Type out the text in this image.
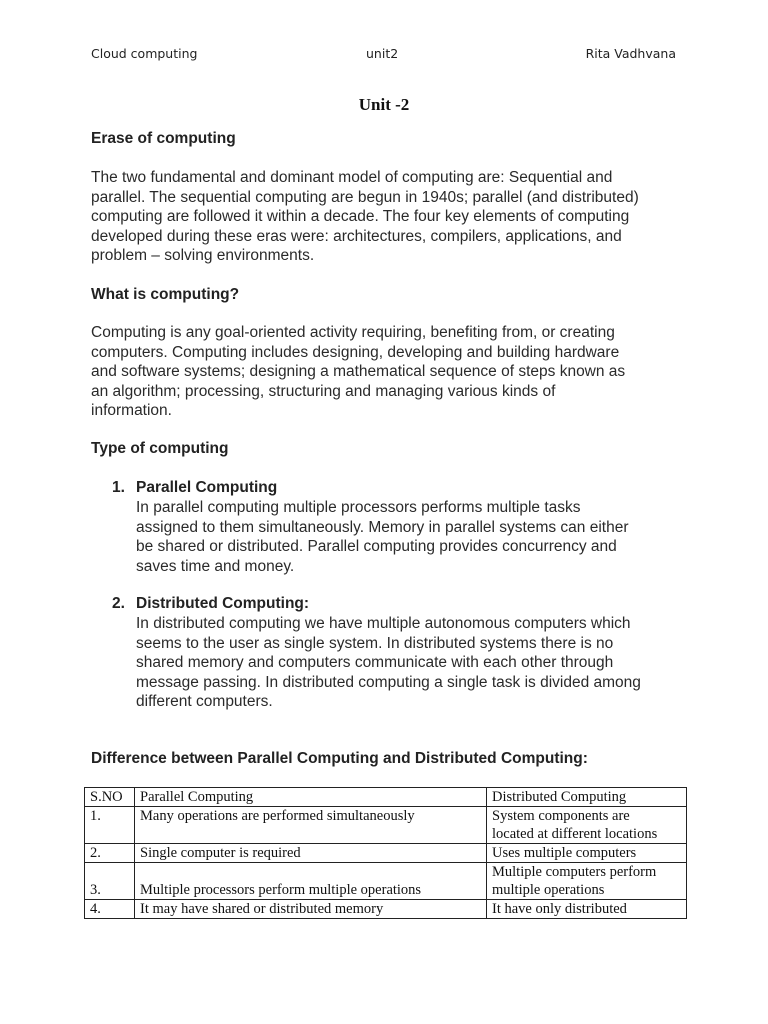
Cloud computing	unit2	Rita Vadhvana
Unit -2
Erase of computing
The two fundamental and dominant model of computing are: Sequential and
parallel. The sequential computing are begun in 1940s; parallel (and distributed)
computing are followed it within a decade. The four key elements of computing
developed during these eras were: architectures, compilers, applications, and
problem – solving environments.
What is computing?
Computing is any goal-oriented activity requiring, benefiting from, or creating
computers. Computing includes designing, developing and building hardware
and software systems; designing a mathematical sequence of steps known as
an algorithm; processing, structuring and managing various kinds of
information.
Type of computing
1. Parallel Computing
In parallel computing multiple processors performs multiple tasks
assigned to them simultaneously. Memory in parallel systems can either
be shared or distributed. Parallel computing provides concurrency and
saves time and money.
2. Distributed Computing:
In distributed computing we have multiple autonomous computers which
seems to the user as single system. In distributed systems there is no
shared memory and computers communicate with each other through
message passing. In distributed computing a single task is divided among
different computers.
Difference between Parallel Computing and Distributed Computing:
S.NO	Parallel Computing	Distributed Computing
1.	Many operations are performed simultaneously	System components are
located at different locations

2.	Single computer is required	Uses multiple computers
3.	Multiple processors perform multiple operations	Multiple computers perform
multiple operations

4.	It may have shared or distributed memory	It have only distributed
